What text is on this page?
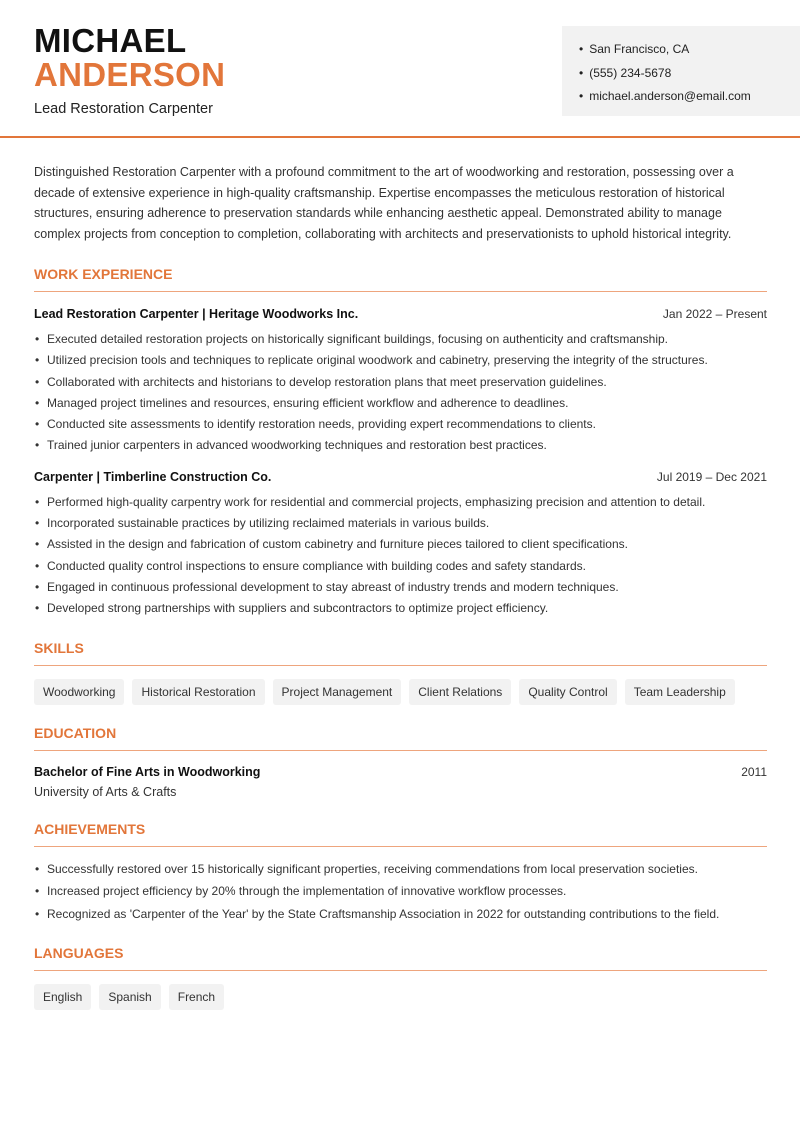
MICHAEL
ANDERSON
Lead Restoration Carpenter
• San Francisco, CA
• (555) 234-5678
• michael.anderson@email.com

Distinguished Restoration Carpenter with a profound commitment to the art of woodworking and restoration, possessing over a decade of extensive experience in high-quality craftsmanship. Expertise encompasses the meticulous restoration of historical structures, ensuring adherence to preservation standards while enhancing aesthetic appeal. Demonstrated ability to manage complex projects from conception to completion, collaborating with architects and preservationists to uphold historical integrity.

WORK EXPERIENCE
Lead Restoration Carpenter | Heritage Woodworks Inc.	Jan 2022 – Present
• Executed detailed restoration projects on historically significant buildings, focusing on authenticity and craftsmanship.
• Utilized precision tools and techniques to replicate original woodwork and cabinetry, preserving the integrity of the structures.
• Collaborated with architects and historians to develop restoration plans that meet preservation guidelines.
• Managed project timelines and resources, ensuring efficient workflow and adherence to deadlines.
• Conducted site assessments to identify restoration needs, providing expert recommendations to clients.
• Trained junior carpenters in advanced woodworking techniques and restoration best practices.
Carpenter | Timberline Construction Co.	Jul 2019 – Dec 2021
• Performed high-quality carpentry work for residential and commercial projects, emphasizing precision and attention to detail.
• Incorporated sustainable practices by utilizing reclaimed materials in various builds.
• Assisted in the design and fabrication of custom cabinetry and furniture pieces tailored to client specifications.
• Conducted quality control inspections to ensure compliance with building codes and safety standards.
• Engaged in continuous professional development to stay abreast of industry trends and modern techniques.
• Developed strong partnerships with suppliers and subcontractors to optimize project efficiency.
SKILLS
Woodworking	Historical Restoration	Project Management	Client Relations	Quality Control	Team Leadership
EDUCATION
Bachelor of Fine Arts in Woodworking	2011
University of Arts & Crafts
ACHIEVEMENTS
• Successfully restored over 15 historically significant properties, receiving commendations from local preservation societies.
• Increased project efficiency by 20% through the implementation of innovative workflow processes.
• Recognized as 'Carpenter of the Year' by the State Craftsmanship Association in 2022 for outstanding contributions to the field.
LANGUAGES
English	Spanish	French
